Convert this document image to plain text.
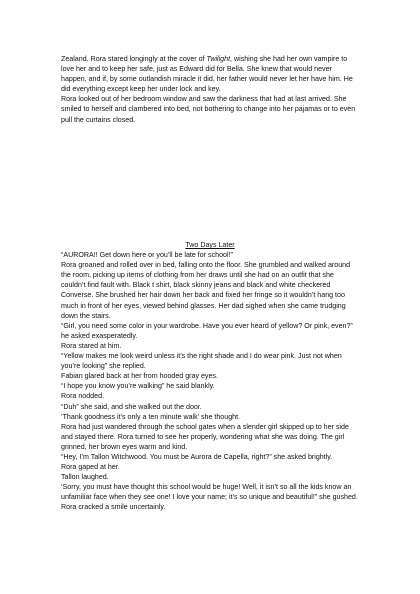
Zealand. Rora stared longingly at the cover of Twilight, wishing she had her own vampire to love her and to keep her safe, just as Edward did for Bella. She knew that would never happen, and if, by some outlandish miracle it did, her father would never let her have him. He did everything except keep her under lock and key.

Rora looked out of her bedroom window and saw the darkness that had at last arrived. She smiled to herself and clambered into bed, not bothering to change into her pajamas or to even pull the curtains closed.

Two Days Later

“AURORA!! Get down here or you’ll be late for school!”

Rora groaned and rolled over in bed, falling onto the floor. She grumbled and walked around the room, picking up items of clothing from her draws until she had on an outfit that she couldn’t find fault with. Black t shirt, black skinny jeans and black and white checkered Converse. She brushed her hair down her back and fixed her fringe so it wouldn’t hang too much in front of her eyes, viewed behind glasses. Her dad sighed when she came trudging down the stairs.

“Girl, you need some color in your wardrobe. Have you ever heard of yellow? Or pink, even?” he asked exasperatedly.

Rora stared at him.

“Yellow makes me look weird unless it’s the right shade and I do wear pink. Just not when you’re looking” she replied.

Fabian glared back at her from hooded gray eyes.

“I hope you know you’re walking” he said blankly.

Rora nodded.

“Duh” she said, and she walked out the door.

‘Thank goodness it’s only a ten minute walk’ she thought.

Rora had just wandered through the school gates when a slender girl skipped up to her side and stayed there. Rora turned to see her properly, wondering what she was doing. The girl grinned, her brown eyes warm and kind.

“Hey, I’m Tallon Witchwood. You must be Aurora de Capella, right?” she asked brightly.

Rora gaped at her.

Tallon laughed.

‘Sorry, you must have thought this school would be huge! Well, it isn’t so all the kids know an unfamiliar face when they see one! I love your name; it’s so unique and beautiful!” she gushed.

Rora cracked a smile uncertainly.
